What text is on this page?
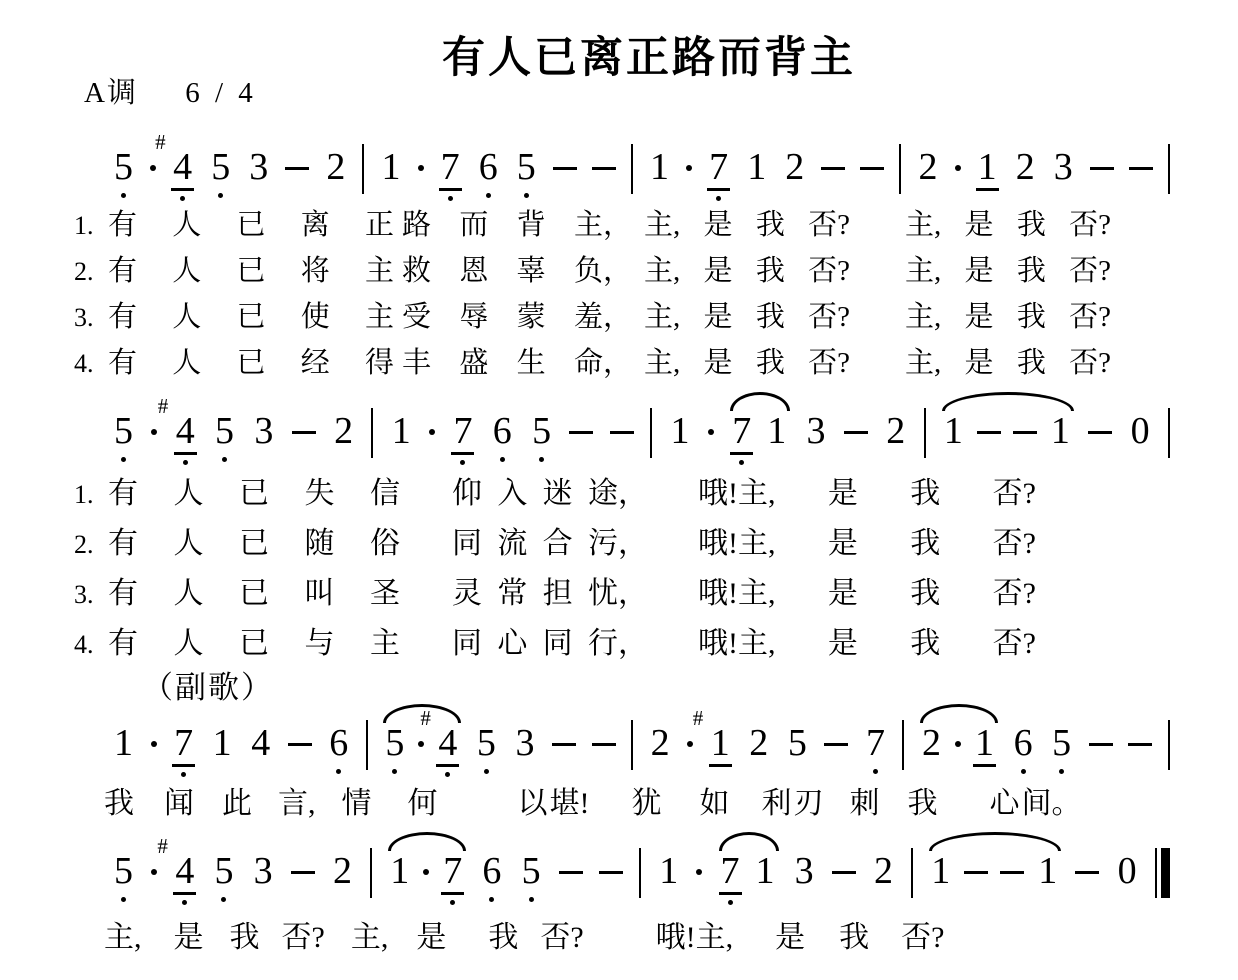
有人已离正路而背主
A调 6 / 4
5
#
4 5 3 2 1 7 6 5	1 7 1 2	2 1 2 3
1. 有 人 已 离 正 路 而 背 主， 主, 是 我 否? 主, 是 我 否?
2. 有 人 已 将 主 救 恩 辜 负， 主, 是 我 否? 主, 是 我 否?
3. 有 人 已 使 主 受 辱 蒙 羞， 主, 是 我 否? 主, 是 我 否?
4. 有 人 已 经 得 丰 盛 生 命， 主, 是 我 否? 主, 是 我 否?
5
#
4 5 3 2 1 7 6 5	1 7 1 3 2 1 1 0
1. 有 人 已 失 信 仰 入 迷 途， 哦!主, 是 我 否?
2. 有 人 已 随 俗 同 流 合 污， 哦!主, 是 我 否?
3. 有 人 已 叫 圣 灵 常 担 忧， 哦!主, 是 我 否?
4. 有 人 已 与 主 同 心 同 行， 哦!主, 是 我 否?
（副歌）
1 7 1 4 6 5
#
4 5 3	2
#
1 2 5 7 2 1 6 5
我 闻 此 言, 情 何	以堪! 犹 如 利刃 刺 我 心间。
5
#
4 5 3 2 1 7 6 5	1 7 1 3 2 1 1 0
主, 是 我 否? 主, 是 我 否? 哦!主, 是 我 否?
